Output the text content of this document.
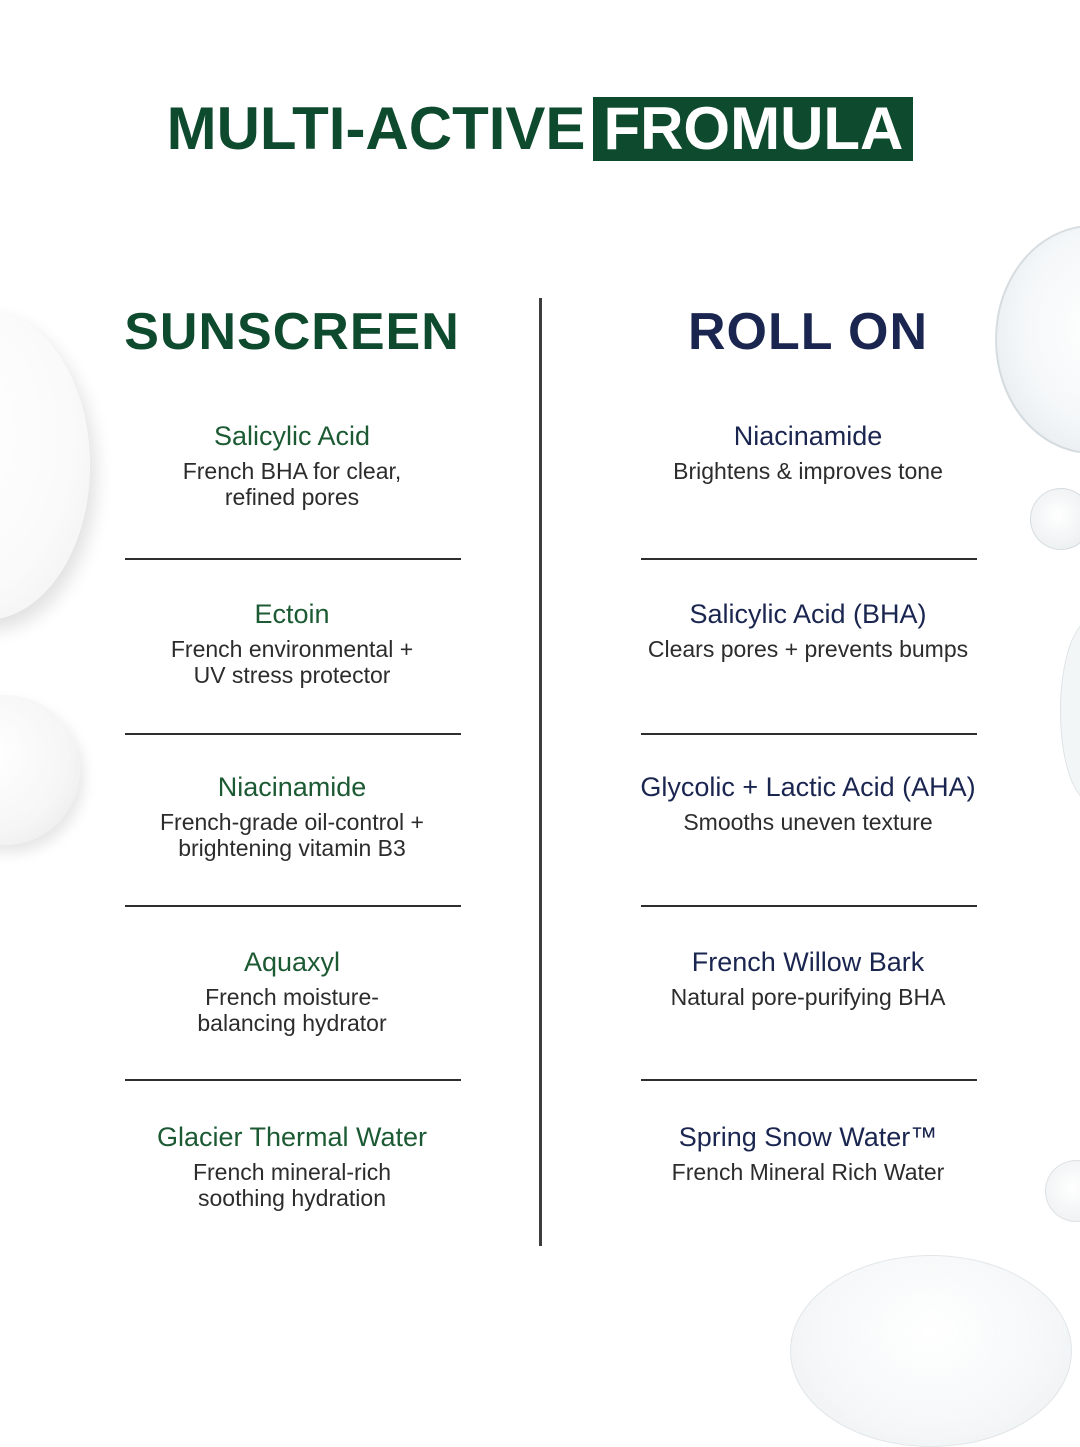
MULTI-ACTIVE FROMULA
SUNSCREEN
Salicylic Acid
French BHA for clear,
refined pores
Ectoin
French environmental +
UV stress protector
Niacinamide
French-grade oil-control +
brightening vitamin B3
Aquaxyl
French moisture-
balancing hydrator
Glacier Thermal Water
French mineral-rich
soothing hydration
ROLL ON
Niacinamide
Brightens & improves tone
Salicylic Acid (BHA)
Clears pores + prevents bumps
Glycolic + Lactic Acid (AHA)
Smooths uneven texture
French Willow Bark
Natural pore-purifying BHA
Spring Snow Water™
French Mineral Rich Water
